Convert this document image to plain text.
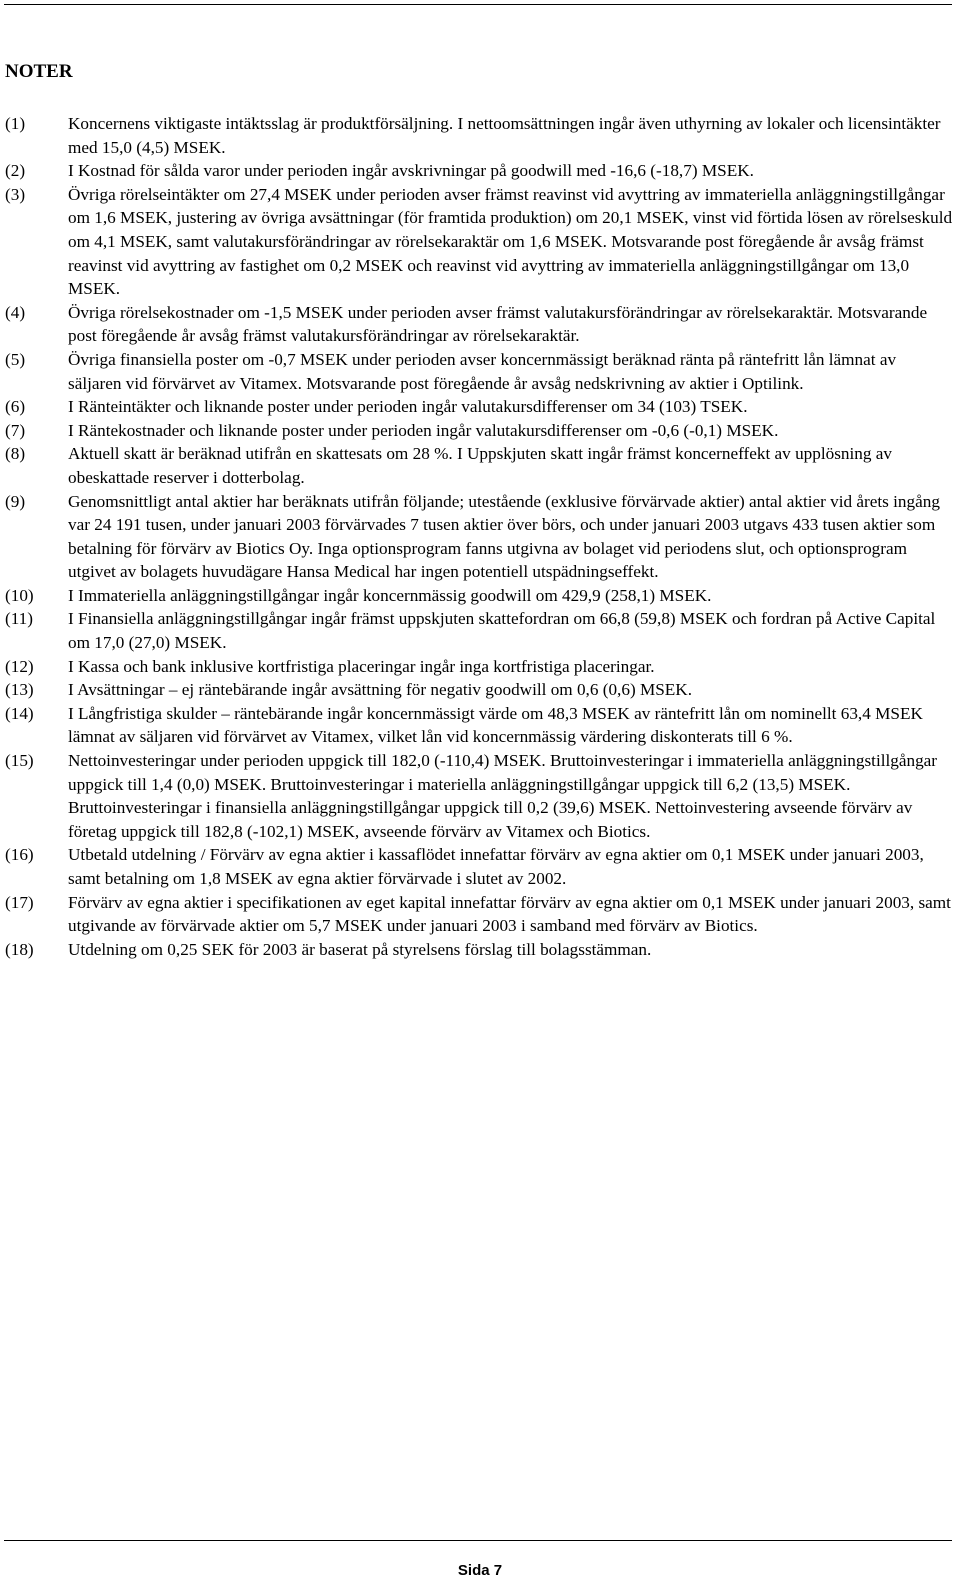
NOTER
(1)	Koncernens viktigaste intäktsslag är produktförsäljning. I nettoomsättningen ingår även uthyrning av lokaler och licensintäkter med 15,0 (4,5) MSEK.
(2)	I Kostnad för sålda varor under perioden ingår avskrivningar på goodwill med -16,6 (-18,7) MSEK.
(3)	Övriga rörelseintäkter om 27,4 MSEK under perioden avser främst reavinst vid avyttring av immateriella anläggningstillgångar om 1,6 MSEK, justering av övriga avsättningar (för framtida produktion) om 20,1 MSEK, vinst vid förtida lösen av rörelseskuld om 4,1 MSEK, samt valutakursförändringar av rörelsekaraktär om 1,6 MSEK. Motsvarande post föregående år avsåg främst reavinst vid avyttring av fastighet om 0,2 MSEK och reavinst vid avyttring av immateriella anläggningstillgångar om 13,0 MSEK.
(4)	Övriga rörelsekostnader om -1,5 MSEK under perioden avser främst valutakursförändringar av rörelsekaraktär. Motsvarande post föregående år avsåg främst valutakursförändringar av rörelsekaraktär.
(5)	Övriga finansiella poster om -0,7 MSEK under perioden avser koncernmässigt beräknad ränta på räntefritt lån lämnat av säljaren vid förvärvet av Vitamex. Motsvarande post föregående år avsåg nedskrivning av aktier i Optilink.
(6)	I Ränteintäkter och liknande poster under perioden ingår valutakursdifferenser om 34 (103) TSEK.
(7)	I Räntekostnader och liknande poster under perioden ingår valutakursdifferenser om -0,6 (-0,1) MSEK.
(8)	Aktuell skatt är beräknad utifrån en skattesats om 28 %. I Uppskjuten skatt ingår främst koncerneffekt av upplösning av obeskattade reserver i dotterbolag.
(9)	Genomsnittligt antal aktier har beräknats utifrån följande; utestående (exklusive förvärvade aktier) antal aktier vid årets ingång var 24 191 tusen, under januari 2003 förvärvades 7 tusen aktier över börs, och under januari 2003 utgavs 433 tusen aktier som betalning för förvärv av Biotics Oy. Inga optionsprogram fanns utgivna av bolaget vid periodens slut, och optionsprogram utgivet av bolagets huvudägare Hansa Medical har ingen potentiell utspädningseffekt.
(10)	I Immateriella anläggningstillgångar ingår koncernmässig goodwill om 429,9 (258,1) MSEK.
(11)	I Finansiella anläggningstillgångar ingår främst uppskjuten skattefordran om 66,8 (59,8) MSEK och fordran på Active Capital om 17,0 (27,0) MSEK.
(12)	I Kassa och bank inklusive kortfristiga placeringar ingår inga kortfristiga placeringar.
(13)	I Avsättningar – ej räntebärande ingår avsättning för negativ goodwill om 0,6 (0,6) MSEK.
(14)	I Långfristiga skulder – räntebärande ingår koncernmässigt värde om 48,3 MSEK av räntefritt lån om nominellt 63,4 MSEK lämnat av säljaren vid förvärvet av Vitamex, vilket lån vid koncernmässig värdering diskonterats till 6 %.
(15)	Nettoinvesteringar under perioden uppgick till 182,0 (-110,4) MSEK. Bruttoinvesteringar i immateriella anläggningstillgångar uppgick till 1,4 (0,0) MSEK. Bruttoinvesteringar i materiella anläggningstillgångar uppgick till 6,2 (13,5) MSEK. Bruttoinvesteringar i finansiella anläggningstillgångar uppgick till 0,2 (39,6) MSEK. Nettoinvestering avseende förvärv av företag uppgick till 182,8 (-102,1) MSEK, avseende förvärv av Vitamex och Biotics.
(16)	Utbetald utdelning / Förvärv av egna aktier i kassaflödet innefattar förvärv av egna aktier om 0,1 MSEK under januari 2003, samt betalning om 1,8 MSEK av egna aktier förvärvade i slutet av 2002.
(17)	Förvärv av egna aktier i specifikationen av eget kapital innefattar förvärv av egna aktier om 0,1 MSEK under januari 2003, samt utgivande av förvärvade aktier om 5,7 MSEK under januari 2003 i samband med förvärv av Biotics.
(18)	Utdelning om 0,25 SEK för 2003 är baserat på styrelsens förslag till bolagsstämman.
Sida 7
